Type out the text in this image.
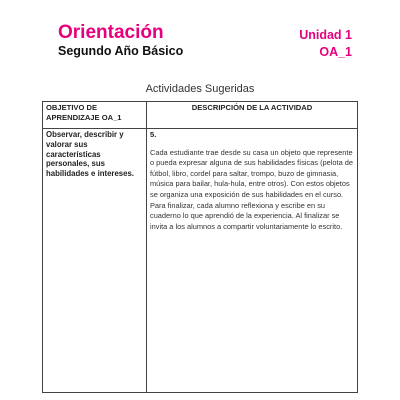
Orientación
Segundo Año Básico
Unidad 1
OA_1
Actividades Sugeridas
OBJETIVO DE APRENDIZAJE OA_1	DESCRIPCIÓN DE LA ACTIVIDAD

Observar, describir y valorar sus características personales, sus habilidades e intereses.	5.
Cada estudiante trae desde su casa un objeto que represente o pueda expresar alguna de sus habilidades físicas (pelota de fútbol, libro, cordel para saltar, trompo, buzo de gimnasia, música para bailar, hula-hula, entre otros). Con estos objetos se organiza una exposición de sus habilidades en el curso. Para finalizar, cada alumno reflexiona y escribe en su cuaderno lo que aprendió de la experiencia. Al finalizar se invita a los alumnos a compartir voluntariamente lo escrito.
